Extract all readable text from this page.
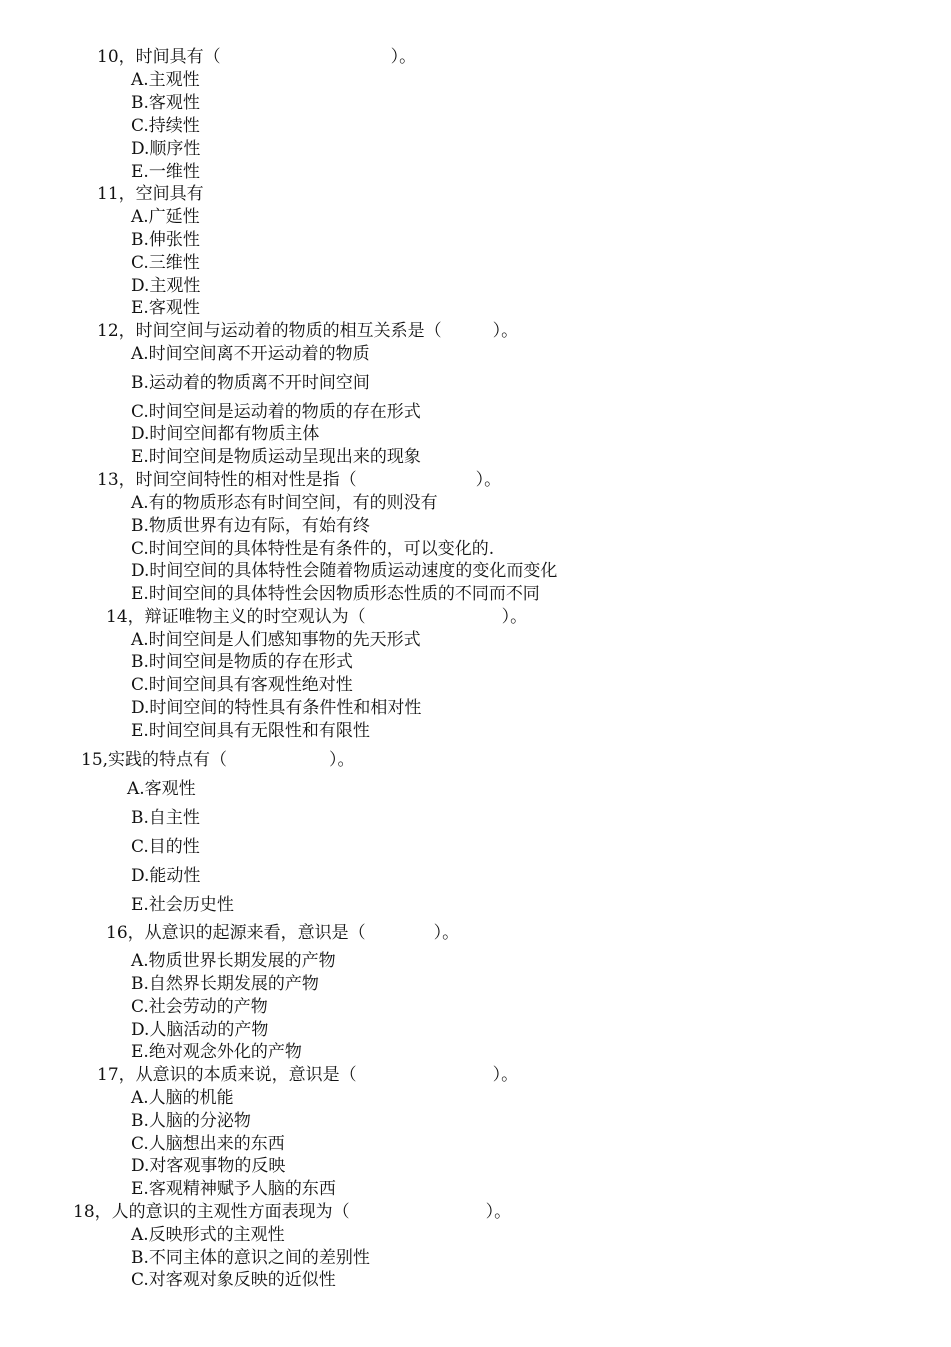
10，时间具有（　　　　　　　　　　）。
A.主观性
B.客观性
C.持续性
D.顺序性
E.一维性
11，空间具有
A.广延性
B.伸张性
C.三维性
D.主观性
E.客观性
12，时间空间与运动着的物质的相互关系是（　　　）。
A.时间空间离不开运动着的物质
B.运动着的物质离不开时间空间
C.时间空间是运动着的物质的存在形式
D.时间空间都有物质主体
E.时间空间是物质运动呈现出来的现象
13，时间空间特性的相对性是指（　　　　　　　）。
A.有的物质形态有时间空间，有的则没有
B.物质世界有边有际，有始有终
C.时间空间的具体特性是有条件的，可以变化的.
D.时间空间的具体特性会随着物质运动速度的变化而变化
E.时间空间的具体特性会因物质形态性质的不同而不同
14，辩证唯物主义的时空观认为（　　　　　　　　）。
A.时间空间是人们感知事物的先天形式
B.时间空间是物质的存在形式
C.时间空间具有客观性绝对性
D.时间空间的特性具有条件性和相对性
E.时间空间具有无限性和有限性
15,实践的特点有（　　　　　　）。
A.客观性
B.自主性
C.目的性
D.能动性
E.社会历史性
16，从意识的起源来看，意识是（　　　　）。
A.物质世界长期发展的产物
B.自然界长期发展的产物
C.社会劳动的产物
D.人脑活动的产物
E.绝对观念外化的产物
17，从意识的本质来说，意识是（　　　　　　　　）。
A.人脑的机能
B.人脑的分泌物
C.人脑想出来的东西
D.对客观事物的反映
E.客观精神赋予人脑的东西
18，人的意识的主观性方面表现为（　　　　　　　　）。
A.反映形式的主观性
B.不同主体的意识之间的差别性
C.对客观对象反映的近似性
